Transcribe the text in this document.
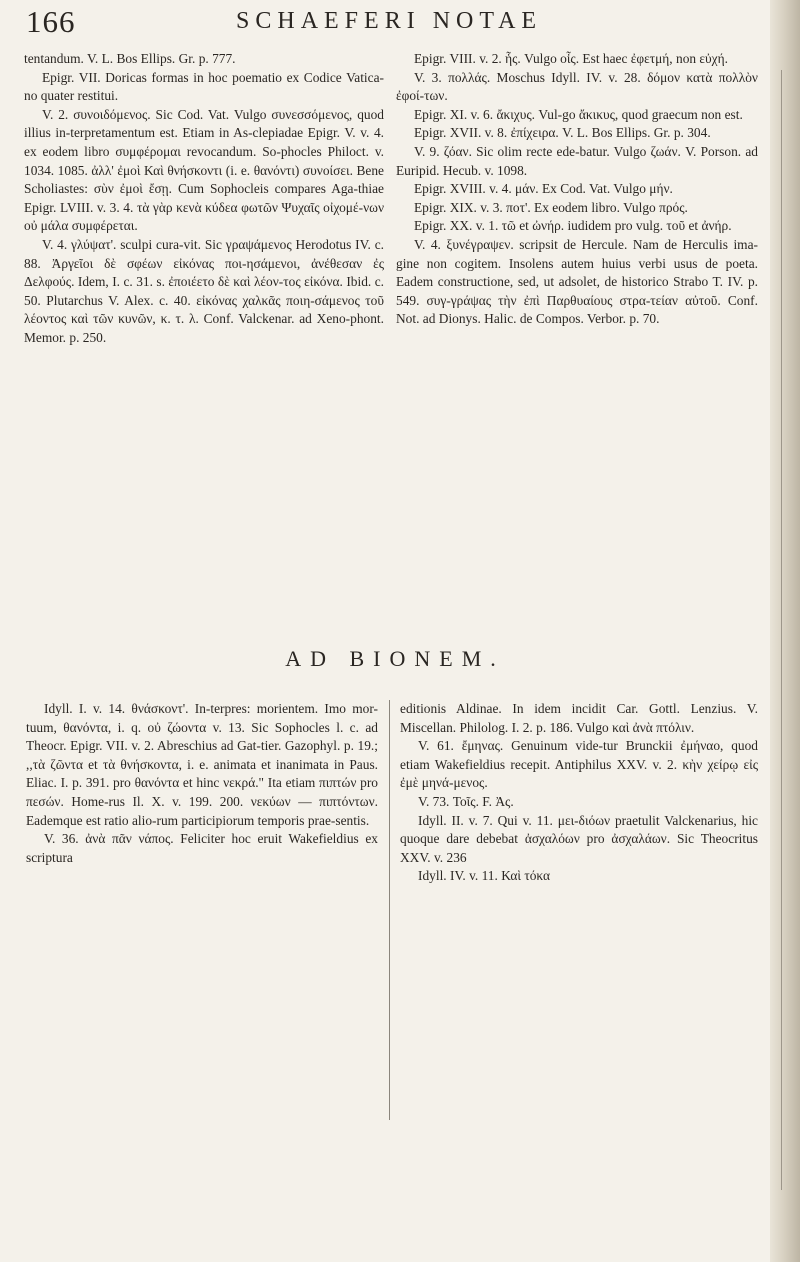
166	SCHAEFERI NOTAE

tentandum. V. L. Bos Ellips. Gr. p. 777.

Epigr. VII. Doricas formas in hoc poematio ex Codice Vatica-no quater restitui.

V. 2. συνοιδόμενος. Sic Cod. Vat. Vulgo συνεσσόμενος, quod illius in-terpretamentum est. Etiam in As-clepiadae Epigr. V. v. 4. ex eodem libro συμφέρομαι revocandum. So-phocles Philoct. v. 1034. 1085. ἀλλ' ἐμοὶ Καὶ θνήσκοντι (i. e. θανόντι) συνοίσει. Bene Scholiastes: σὺν ἐμοὶ ἔσῃ. Cum Sophocleis compares Aga-thiae Epigr. LVIII. v. 3. 4. τὰ γὰρ κενὰ κύδεα φωτῶν Ψυχαῖς οἰχομέ-νων οὐ μάλα συμφέρεται.

V. 4. γλύψατ'. sculpi cura-vit. Sic γραψάμενος Herodotus IV. c. 88. Ἀργεῖοι δὲ σφέων εἰκόνας ποι-ησάμενοι, ἀνέθεσαν ἐς Δελφούς. Idem, I. c. 31. s. ἐποιέετο δὲ καὶ λέον-τος εἰκόνα. Ibid. c. 50. Plutarchus V. Alex. c. 40. εἰκόνας χαλκᾶς ποιη-σάμενος τοῦ λέοντος καὶ τῶν κυνῶν, κ. τ. λ. Conf. Valckenar. ad Xeno-phont. Memor. p. 250.

Epigr. VIII. v. 2. ἧς. Vulgo οἷς. Est haec ἐφετμή, non εὐχή.

V. 3. πολλάς. Moschus Idyll. IV. v. 28. δόμον κατὰ πολλὸν ἐφοί-των.

Epigr. XI. v. 6. ἄκιχυς. Vul-go ἄκικυς, quod graecum non est.

Epigr. XVII. v. 8. ἐπίχειρα. V. L. Bos Ellips. Gr. p. 304.

V. 9. ζόαν. Sic olim recte ede-batur. Vulgo ζωάν. V. Porson. ad Euripid. Hecub. v. 1098.

Epigr. XVIII. v. 4. μάν. Ex Cod. Vat. Vulgo μήν.

Epigr. XIX. v. 3. ποτ'. Ex eodem libro. Vulgo πρός.

Epigr. XX. v. 1. τῶ et ὠνήρ. iudidem pro vulg. τοῦ et ἀνήρ.

V. 4. ξυνέγραψεν. scripsit de Hercule. Nam de Herculis ima-gine non cogitem. Insolens autem huius verbi usus de poeta. Eadem constructione, sed, ut adsolet, de historico Strabo T. IV. p. 549. συγ-γράψας τὴν ἐπὶ Παρθυαίους στρα-τείαν αὐτοῦ. Conf. Not. ad Dionys. Halic. de Compos. Verbor. p. 70.

AD BIONEM.

Idyll. I. v. 14. θνάσκοντ'. In-terpres: morientem. Imo mor-tuum, θανόντα, i. q. οὐ ζώοντα v. 13. Sic Sophocles l. c. ad Theocr. Epigr. VII. v. 2. Abreschius ad Gat-tier. Gazophyl. p. 19.; ,,τὰ ζῶντα et τὰ θνήσκοντα, i. e. animata et inanimata in Paus. Eliac. I. p. 391. pro θανόντα et hinc νεκρά." Ita etiam πιπτών pro πεσών. Home-rus Il. X. v. 199. 200. νεκύων — πιπτόντων. Eademque est ratio alio-rum participiorum temporis prae-sentis.

V. 36. ἀνὰ πᾶν νάπος. Feliciter hoc eruit Wakefieldius ex scriptura

editionis Aldinae. In idem incidit Car. Gottl. Lenzius. V. Miscellan. Philolog. I. 2. p. 186. Vulgo καὶ ἀνὰ πτόλιν.

V. 61. ἔμηνας. Genuinum vide-tur Brunckii ἐμήναο, quod etiam Wakefieldius recepit. Antiphilus XXV. v. 2. κὴν χείρῳ εἰς ἐμὲ μηνά-μενος.

V. 73. Τοῖς. F. Ἀς.

Idyll. II. v. 7. Qui v. 11. μει-διόων praetulit Valckenarius, hic quoque dare debebat ἀσχαλόων pro ἀσχαλάων. Sic Theocritus XXV. v. 236

Idyll. IV. v. 11. Καὶ τόκα
